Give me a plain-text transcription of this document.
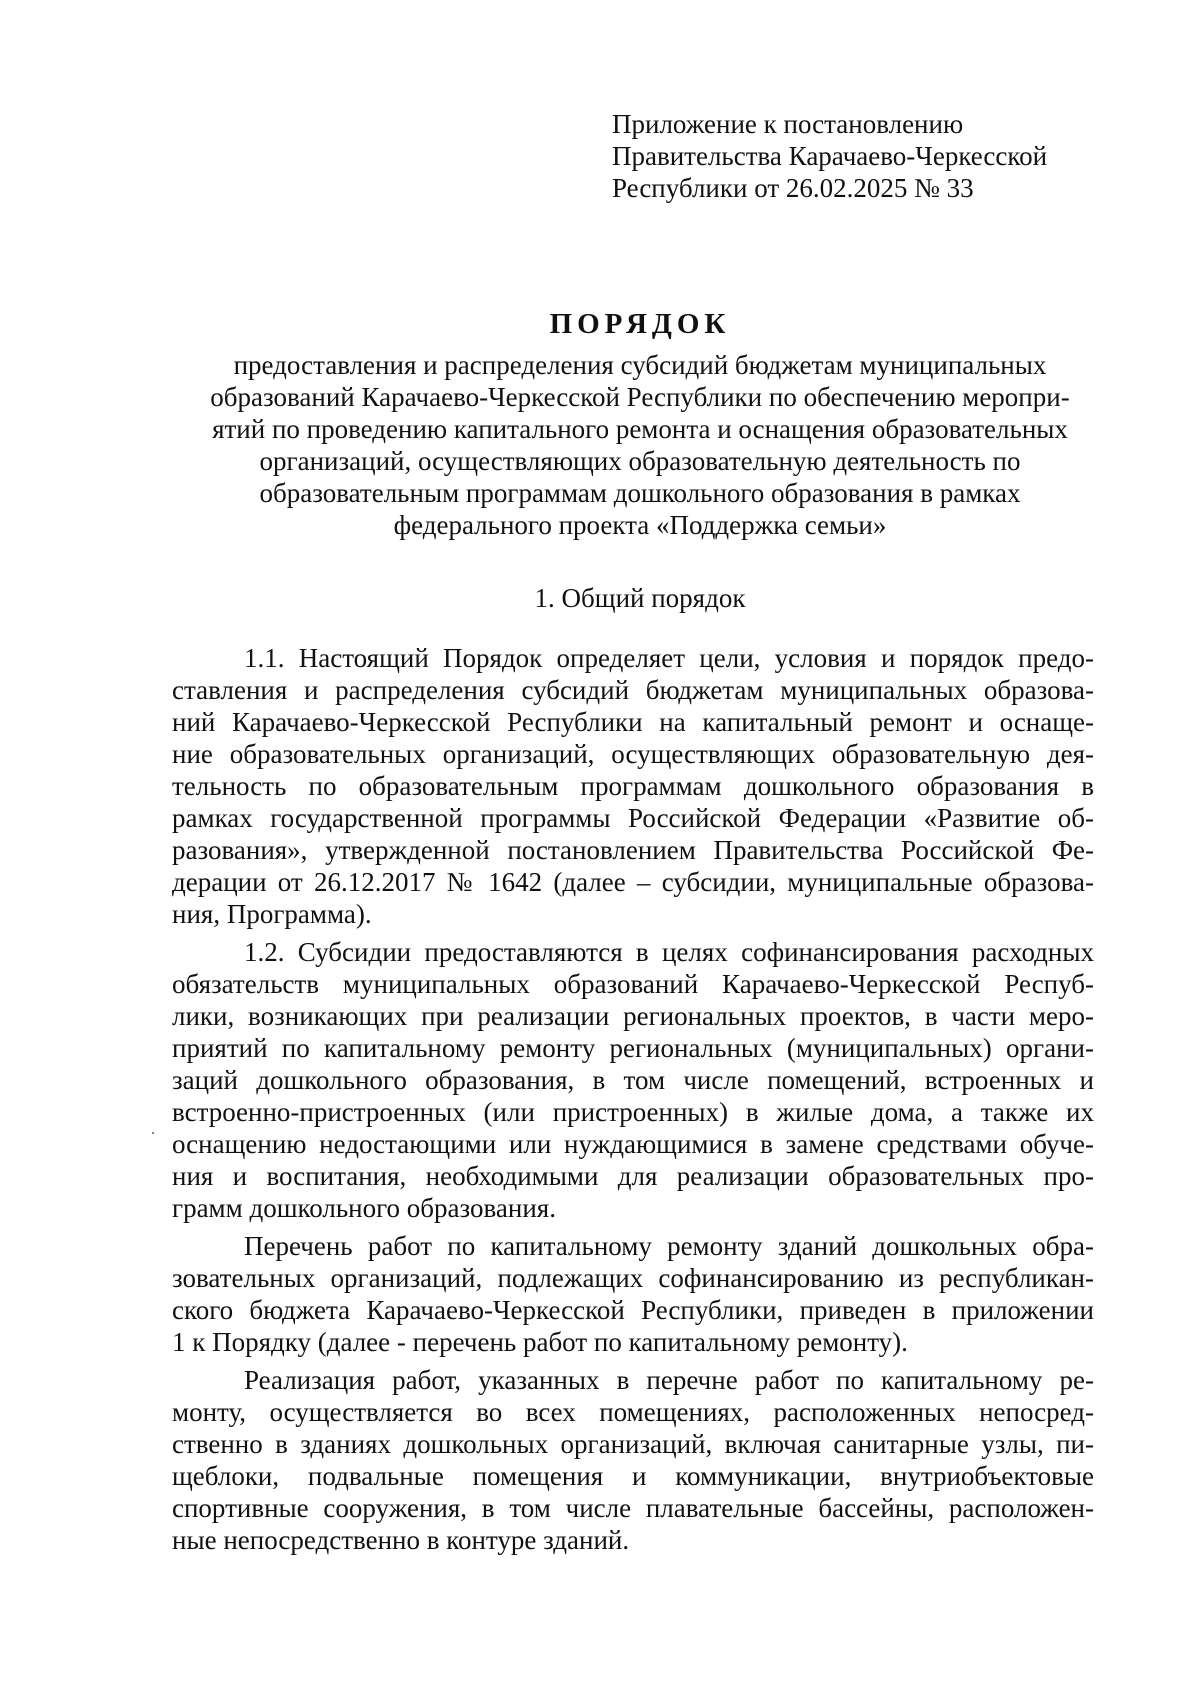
Приложение к постановлению
Правительства Карачаево-Черкесской
Республики от 26.02.2025 № 33
ПОРЯДОК
предоставления и распределения субсидий бюджетам муниципальных
образований Карачаево-Черкесской Республики по обеспечению меропри-
ятий по проведению капитального ремонта и оснащения образовательных
организаций, осуществляющих образовательную деятельность по
образовательным программам дошкольного образования в рамках
федерального проекта «Поддержка семьи»
1. Общий порядок
1.1. Настоящий Порядок определяет цели, условия и порядок предо-
ставления и распределения субсидий бюджетам муниципальных образова-
ний Карачаево-Черкесской Республики на капитальный ремонт и оснаще-
ние образовательных организаций, осуществляющих образовательную дея-
тельность по образовательным программам дошкольного образования в
рамках государственной программы Российской Федерации «Развитие об-
разования», утвержденной постановлением Правительства Российской Фе-
дерации от 26.12.2017 № 1642 (далее – субсидии, муниципальные образова-
ния, Программа).
1.2. Субсидии предоставляются в целях софинансирования расходных
обязательств муниципальных образований Карачаево-Черкесской Респуб-
лики, возникающих при реализации региональных проектов, в части меро-
приятий по капитальному ремонту региональных (муниципальных) органи-
заций дошкольного образования, в том числе помещений, встроенных и
встроенно-пристроенных (или пристроенных) в жилые дома, а также их
оснащению недостающими или нуждающимися в замене средствами обуче-
ния и воспитания, необходимыми для реализации образовательных про-
грамм дошкольного образования.
Перечень работ по капитальному ремонту зданий дошкольных обра-
зовательных организаций, подлежащих софинансированию из республикан-
ского бюджета Карачаево-Черкесской Республики, приведен в приложении
1 к Порядку (далее - перечень работ по капитальному ремонту).
Реализация работ, указанных в перечне работ по капитальному ре-
монту, осуществляется во всех помещениях, расположенных непосред-
ственно в зданиях дошкольных организаций, включая санитарные узлы, пи-
щеблоки, подвальные помещения и коммуникации, внутриобъектовые
спортивные сооружения, в том числе плавательные бассейны, расположен-
ные непосредственно в контуре зданий.
